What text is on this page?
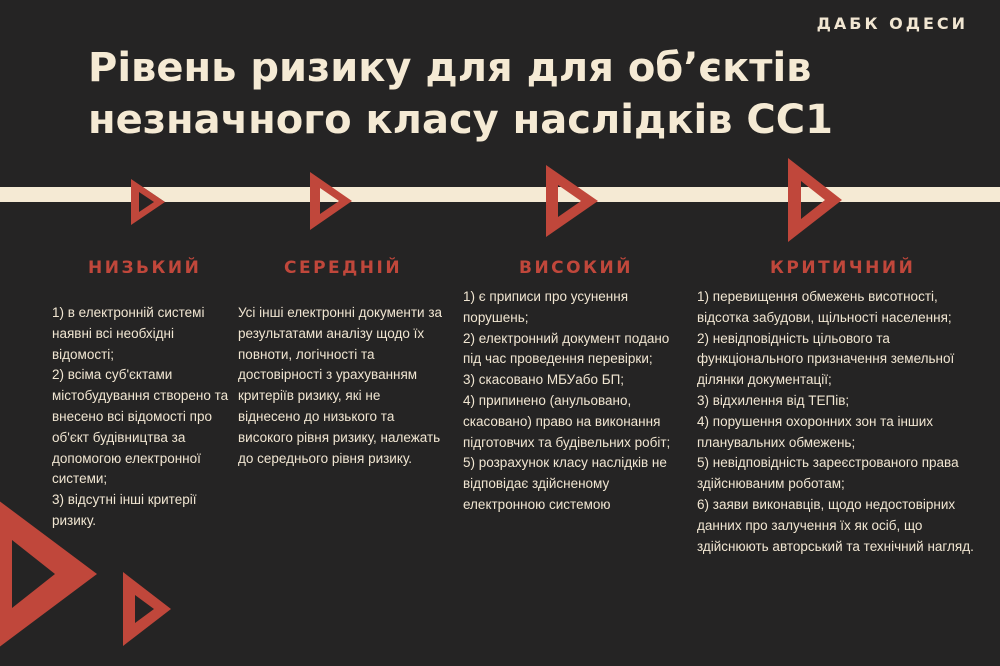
ДАБК ОДЕСИ
Рівень ризику для для об’єктів
незначного класу наслідків СС1
НИЗЬКИЙ	СЕРЕДНІЙ	ВИСОКИЙ	КРИТИЧНИЙ
1) в електронній системі наявні всі необхідні відомості;
2) всіма суб'єктами містобудування створено та внесено всі відомості про об'єкт будівництва за допомогою електронної системи;
3) відсутні інші критерії ризику.
Усі інші електронні документи за результатами аналізу щодо їх повноти, логічності та достовірності з урахуванням критеріїв ризику, які не віднесено до низького та високого рівня ризику, належать до середнього рівня ризику.
1) є приписи про усунення порушень;
2) електронний документ подано під час проведення перевірки;
3) скасовано МБУабо БП;
4) припинено (анульовано, скасовано) право на виконання підготовчих та будівельних робіт;
5) розрахунок класу наслідків не відповідає здійсненому електронною системою
1) перевищення обмежень висотності, відсотка забудови, щільності населення;
2) невідповідність цільового та функціонального призначення земельної ділянки документації;
3) відхилення від ТЕПів;
4) порушення охоронних зон та інших планувальних обмежень;
5) невідповідність зареєстрованого права здійснюваним роботам;
6) заяви виконавців, щодо недостовірних данних про залучення їх як осіб, що здійснюють авторський та технічний нагляд.
